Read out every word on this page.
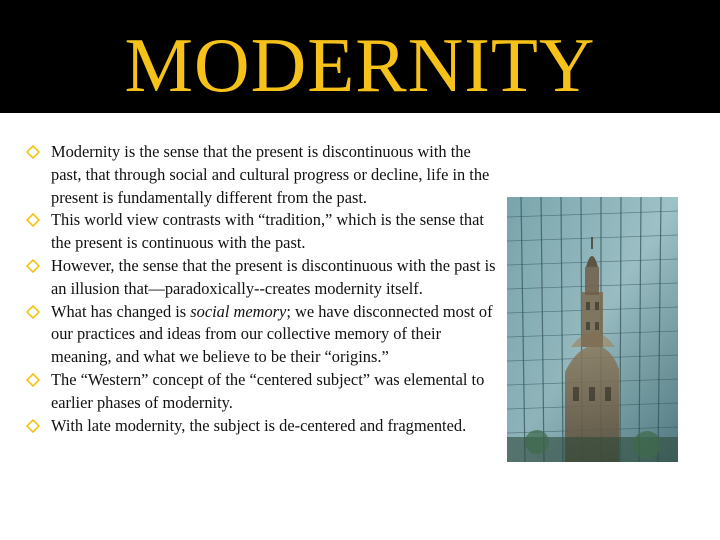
MODERNITY
Modernity is the sense that the present is discontinuous with the past, that through social and cultural progress or decline, life in the present is fundamentally different from the past.
This world view contrasts with “tradition,” which is the sense that the present is continuous with the past.
However, the sense that the present is discontinuous with the past is an illusion that—paradoxically--creates modernity itself.
What has changed is social memory; we have disconnected most of our practices and ideas from our collective memory of their meaning, and what we believe to be their “origins.”
The “Western” concept of the “centered subject” was elemental to earlier phases of modernity.
With late modernity, the subject is de-centered and fragmented.
